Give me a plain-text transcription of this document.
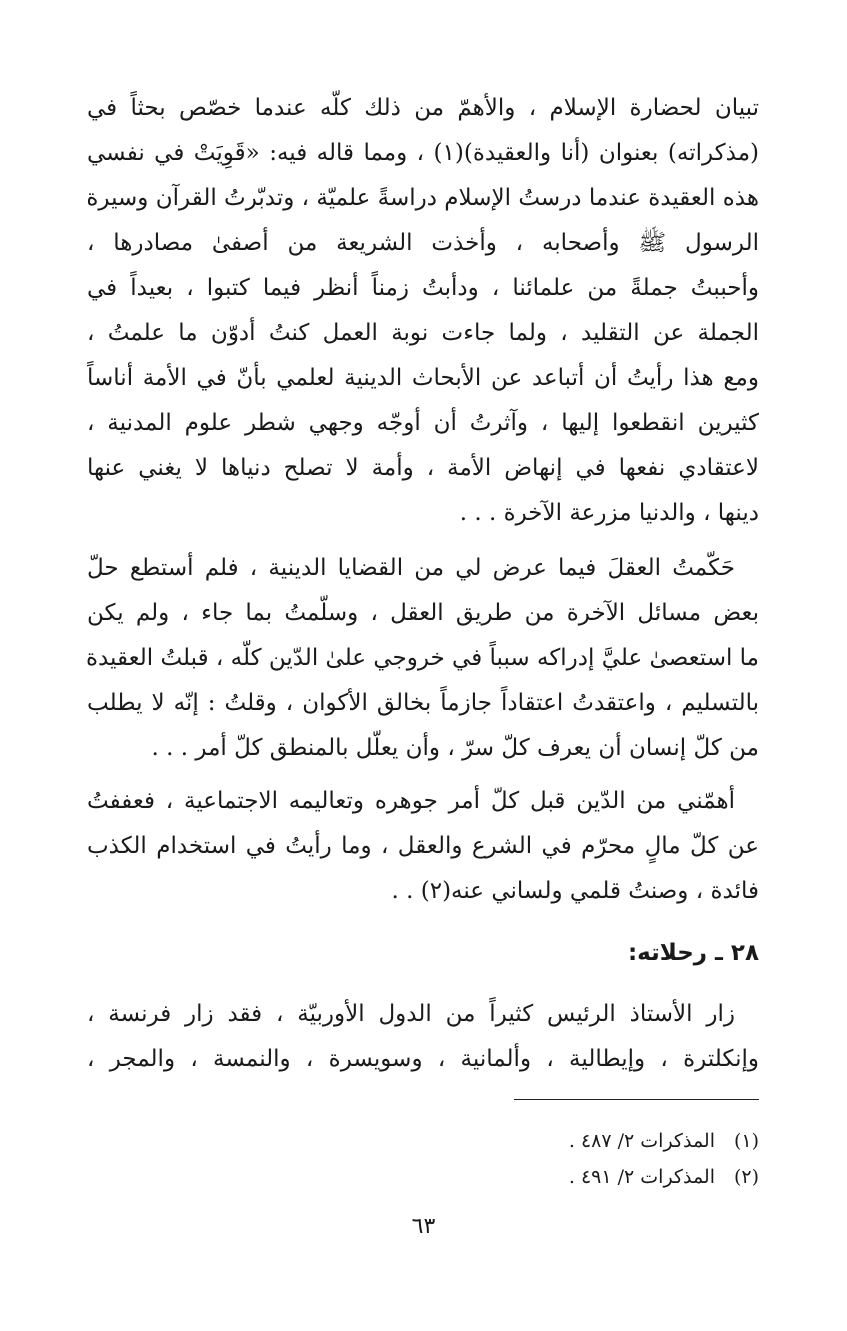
تبيان لحضارة الإسلام ، والأهمّ من ذلك كلّه عندما خصّص بحثاً في
(مذكراته) بعنوان (أنا والعقيدة)(١) ، ومما قاله فيه: «قَوِيَتْ في نفسي
هذه العقيدة عندما درستُ الإسلام دراسةً علميّة ، وتدبّرتُ القرآن وسيرة
الرسول ﷺ وأصحابه ، وأخذت الشريعة من أصفىٰ مصادرها ،
وأحببتُ جملةً من علمائنا ، ودأبتُ زمناً أنظر فيما كتبوا ، بعيداً في
الجملة عن التقليد ، ولما جاءت نوبة العمل كنتُ أدوّن ما علمتُ ،
ومع هذا رأيتُ أن أتباعد عن الأبحاث الدينية لعلمي بأنّ في الأمة أناساً
كثيرين انقطعوا إليها ، وآثرتُ أن أوجّه وجهي شطر علوم المدنية ،
لاعتقادي نفعها في إنهاض الأمة ، وأمة لا تصلح دنياها لا يغني عنها
دينها ، والدنيا مزرعة الآخرة . . .
حَكّمتُ العقلَ فيما عرض لي من القضايا الدينية ، فلم أستطع حلّ
بعض مسائل الآخرة من طريق العقل ، وسلّمتُ بما جاء ، ولم يكن
ما استعصىٰ عليَّ إدراكه سبباً في خروجي علىٰ الدّين كلّه ، قبلتُ العقيدة
بالتسليم ، واعتقدتُ اعتقاداً جازماً بخالق الأكوان ، وقلتُ : إنّه لا يطلب
من كلّ إنسان أن يعرف كلّ سرّ ، وأن يعلّل بالمنطق كلّ أمر . . .
أهمّني من الدّين قبل كلّ أمر جوهره وتعاليمه الاجتماعية ، فعففتُ
عن كلّ مالٍ محرّم في الشرع والعقل ، وما رأيتُ في استخدام الكذب
فائدة ، وصنتُ قلمي ولساني عنه(٢) . .
٢٨ ـ رحلاته:
زار الأستاذ الرئيس كثيراً من الدول الأوربيّة ، فقد زار فرنسة ،
وإنكلترة ، وإيطالية ، وألمانية ، وسويسرة ، والنمسة ، والمجر ،
(١)المذكرات ٢/ ٤٨٧ .
(٢)المذكرات ٢/ ٤٩١ .
٦٣
